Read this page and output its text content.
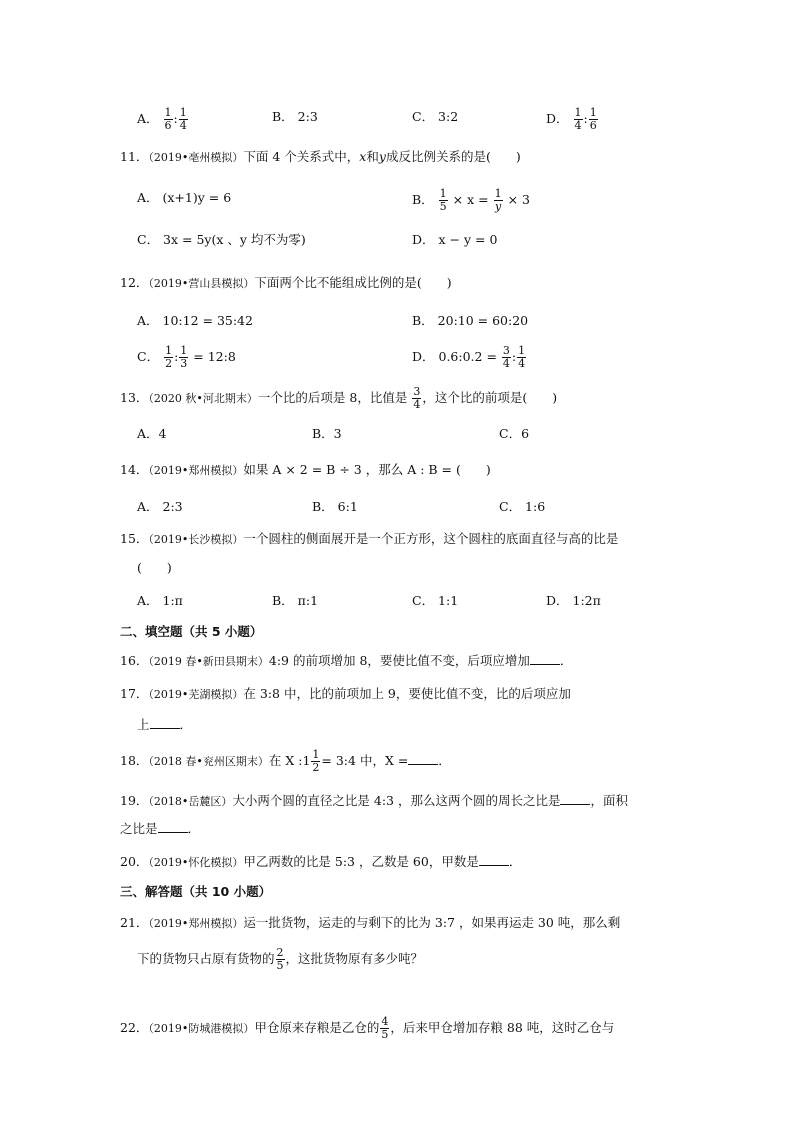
A． $\frac{1}{6}$ : $\frac{1}{4}$	B． 2:3	C． 3:2	D． $\frac{1}{4}$ : $\frac{1}{6}$
11．（2019•亳州模拟）下面 4 个关系式中，x和y成反比例关系的是(　　)
A． (x+1)y = 6	B． $\frac{1}{5} \times x = \frac{1}{y} \times 3$
C． 3x = 5y(x 、y 均不为零)	D． x − y = 0
12．（2019•营山县模拟）下面两个比不能组成比例的是(　　)
A． 10:12 = 35:42	B． 20:10 = 60:20
C． $\frac{1}{2}$ : $\frac{1}{3}$ = 12:8	D． 0.6:0.2 = $\frac{3}{4}$ : $\frac{1}{4}$
13．（2020 秋•河北期末）一个比的后项是 8，比值是 $\frac{3}{4}$ ，这个比的前项是(　　)
A．4	B．3	C．6
14．（2019•郑州模拟）如果 A × 2 = B ÷ 3 ，那么 A : B = (　　)
A． 2:3	B． 6:1	C． 1:6
15．（2019•长沙模拟）一个圆柱的侧面展开是一个正方形，这个圆柱的底面直径与高的比是
(　　)
A． 1:π	B． π:1	C． 1:1	D． 1:2π
二、填空题（共 5 小题）
16．（2019 春•新田县期末）4:9 的前项增加 8，要使比值不变，后项应增加 ．
17．（2019•芜湖模拟）在 3:8 中，比的前项加上 9，要使比值不变，比的后项应加
上 ．
18．（2018 春•兖州区期末）在 X :1 $\frac{1}{2}$ = 3:4 中，X = ．
19．（2018•岳麓区）大小两个圆的直径之比是 4:3 ，那么这两个圆的周长之比是 ，面积
之比是 ．
20．（2019•怀化模拟）甲乙两数的比是 5:3 ，乙数是 60，甲数是 ．
三、解答题（共 10 小题）
21．（2019•郑州模拟）运一批货物，运走的与剩下的比为 3:7 ，如果再运走 30 吨，那么剩
下的货物只占原有货物的 $\frac{2}{5}$ ，这批货物原有多少吨？
22．（2019•防城港模拟）甲仓原来存粮是乙仓的 $\frac{4}{5}$ ，后来甲仓增加存粮 88 吨，这时乙仓与
